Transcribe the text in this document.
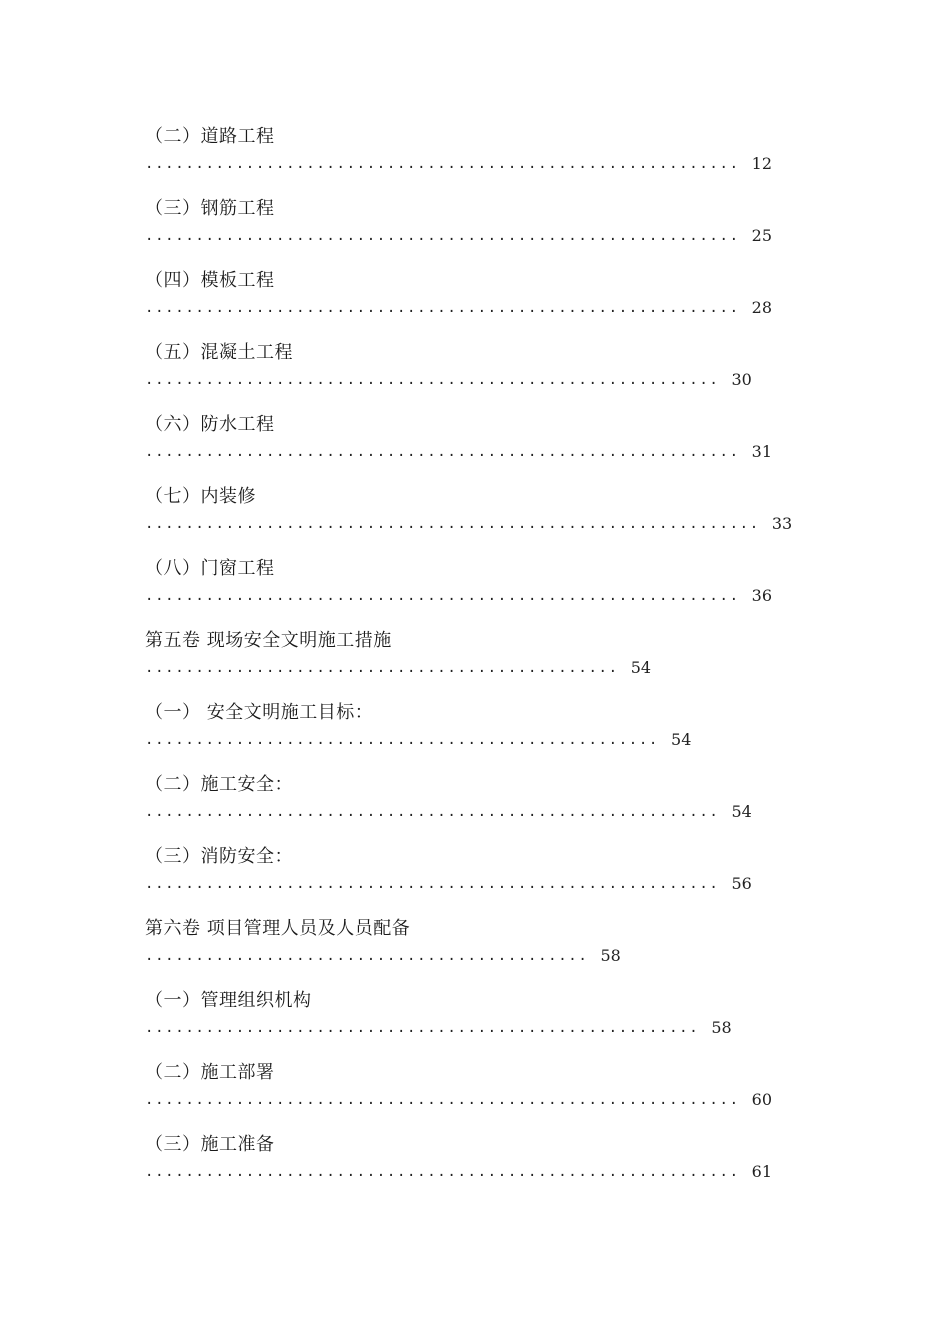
（二）道路工程
........................................................... 12
（三）钢筋工程
........................................................... 25
（四）模板工程
........................................................... 28
（五）混凝土工程
......................................................... 30
（六）防水工程
........................................................... 31
（七）内装修
............................................................. 33
（八）门窗工程
........................................................... 36
第五卷 现场安全文明施工措施
............................................... 54
（一） 安全文明施工目标：
................................................... 54
（二）施工安全：
......................................................... 54
（三）消防安全：
......................................................... 56
第六卷 项目管理人员及人员配备
............................................ 58
（一）管理组织机构
....................................................... 58
（二）施工部署
........................................................... 60
（三）施工准备
........................................................... 61
